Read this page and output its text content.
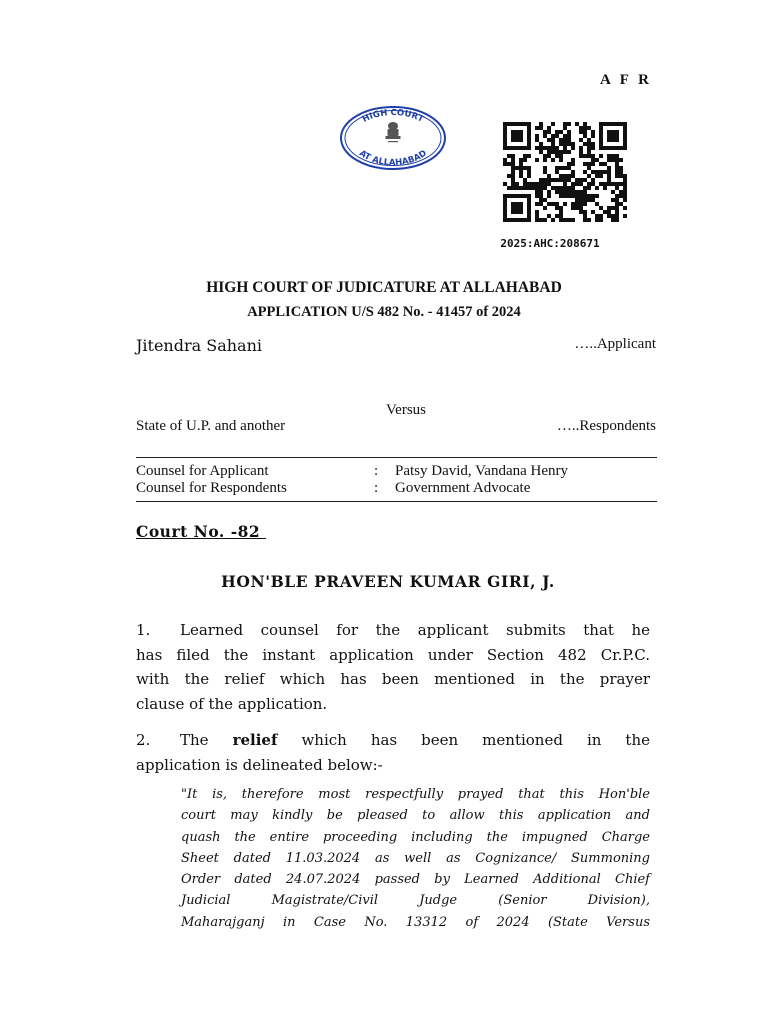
A F R
HIGH COURT
AT ALLAHABAD
2025:AHC:208671
HIGH COURT OF JUDICATURE AT ALLAHABAD
APPLICATION U/S 482 No. - 41457 of 2024
Jitendra Sahani	…..Applicant
Versus
State of U.P. and another	…..Respondents
Counsel for Applicant	:	Patsy David, Vandana Henry
Counsel for Respondents	:	Government Advocate
Court No. -82
HON'BLE PRAVEEN KUMAR GIRI, J.
1. Learned counsel for the applicant submits that he
has filed the instant application under Section 482 Cr.P.C.
with the relief which has been mentioned in the prayer
clause of the application.
2. The relief which has been mentioned in the
application is delineated below:-
"It is, therefore most respectfully prayed that this Hon'ble
court may kindly be pleased to allow this application and
quash the entire proceeding including the impugned Charge
Sheet dated 11.03.2024 as well as Cognizance/ Summoning
Order dated 24.07.2024 passed by Learned Additional Chief
Judicial Magistrate/Civil Judge (Senior Division),
Maharajganj in Case No. 13312 of 2024 (State Versus
